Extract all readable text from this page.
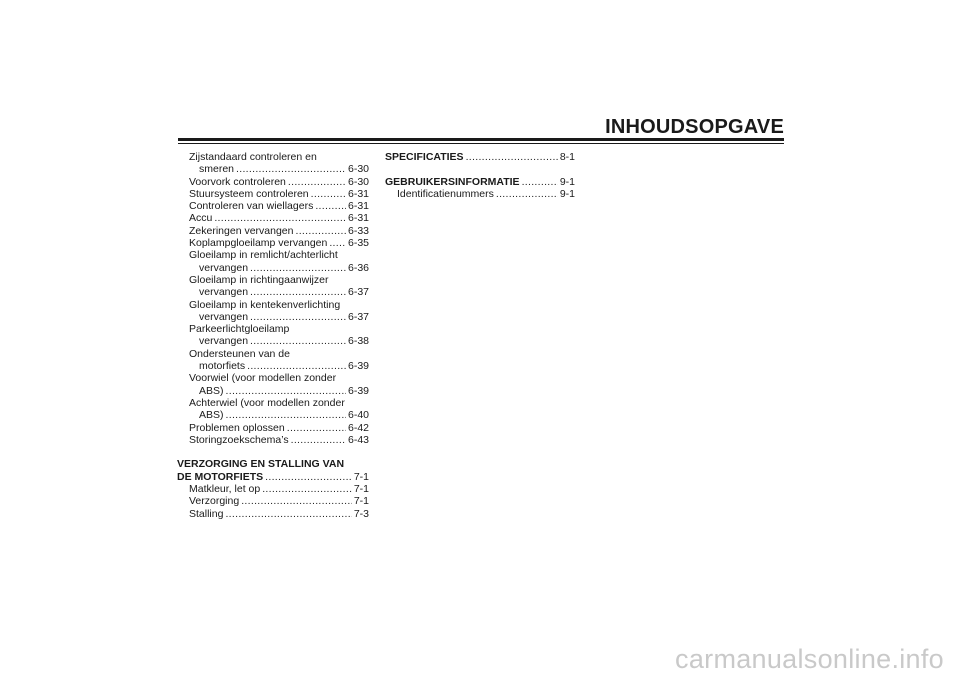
INHOUDSOPGAVE
Zijstandaard controleren en
smeren .....	6-30
Voorvork controleren .....	6-30
Stuursysteem controleren .....	6-31
Controleren van wiellagers .....	6-31
Accu .....	6-31
Zekeringen vervangen .....	6-33
Koplampgloeilamp vervangen ..... 6-35
Gloeilamp in remlicht/achterlicht
vervangen .....	6-36
Gloeilamp in richtingaanwijzer
vervangen .....	6-37
Gloeilamp in kentekenverlichting
vervangen .....	6-37
Parkeerlichtgloeilamp
vervangen .....	6-38
Ondersteunen van de
motorfiets .....	6-39
Voorwiel (voor modellen zonder
ABS) .....	6-39
Achterwiel (voor modellen zonder
ABS) .....	6-40
Problemen oplossen .....	6-42
Storingzoekschema’s .....	6-43
VERZORGING EN STALLING VAN
DE MOTORFIETS .....	7-1
Matkleur, let op .....	7-1
Verzorging .....	7-1
Stalling .....	7-3
SPECIFICATIES .....	8-1
GEBRUIKERSINFORMATIE .....	9-1
Identificatienummers .....	9-1
carmanualsonline.info
